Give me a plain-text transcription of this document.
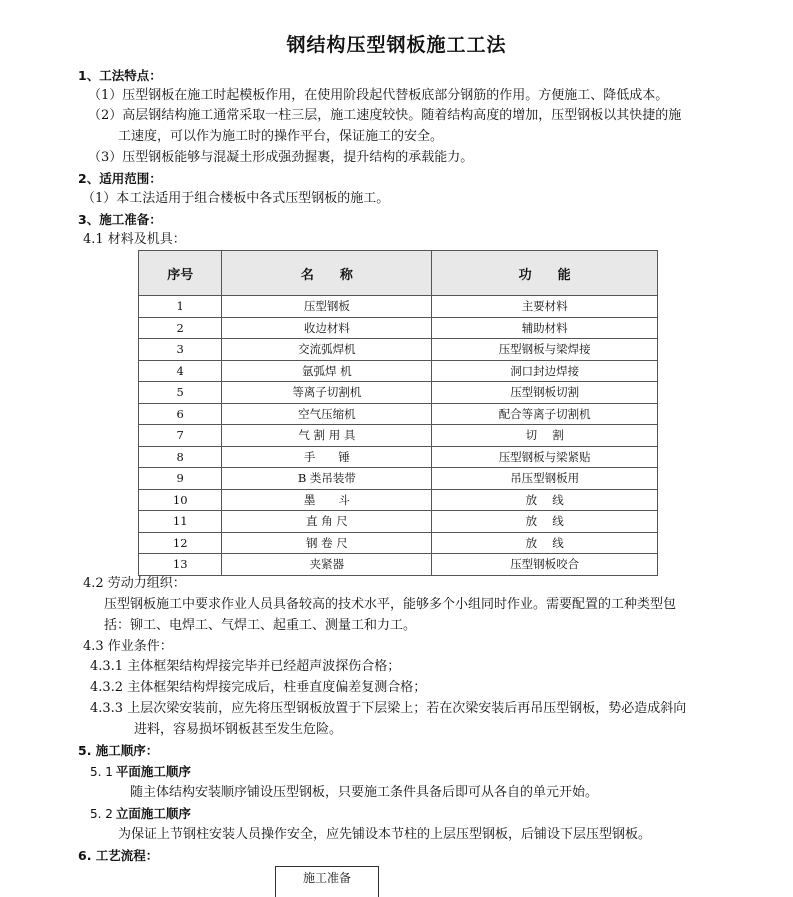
钢结构压型钢板施工工法
1、工法特点：
（1）压型钢板在施工时起模板作用，在使用阶段起代替板底部分钢筋的作用。方便施工、降低成本。
（2）高层钢结构施工通常采取一柱三层，施工速度较快。随着结构高度的增加，压型钢板以其快捷的施
工速度，可以作为施工时的操作平台，保证施工的安全。
（3）压型钢板能够与混凝土形成强劲握裹，提升结构的承载能力。
2、适用范围：
（1）本工法适用于组合楼板中各式压型钢板的施工。
3、施工准备：
4.1 材料及机具：
序号	名　　称	功　　能
1	压型钢板	主要材料
2	收边材料	辅助材料
3	交流弧焊机	压型钢板与梁焊接
4	氩弧焊 机	洞口封边焊接
5	等离子切割机	压型钢板切割
6	空气压缩机	配合等离子切割机
7	气 割 用 具	切　 割
8	手　　锤	压型钢板与梁紧贴
9	B 类吊装带	吊压型钢板用
10	墨　　斗	放　 线
11	直 角 尺	放　 线
12	钢 卷 尺	放　 线
13	夹紧器	压型钢板咬合
4.2 劳动力组织：
压型钢板施工中要求作业人员具备较高的技术水平，能够多个小组同时作业。需要配置的工种类型包
括：铆工、电焊工、气焊工、起重工、测量工和力工。
4.3 作业条件：
4.3.1 主体框架结构焊接完毕并已经超声波探伤合格；
4.3.2 主体框架结构焊接完成后，柱垂直度偏差复测合格；
4.3.3 上层次梁安装前，应先将压型钢板放置于下层梁上；若在次梁安装后再吊压型钢板，势必造成斜向
进料，容易损坏钢板甚至发生危险。
5. 施工顺序：
5. 1 平面施工顺序
随主体结构安装顺序铺设压型钢板，只要施工条件具备后即可从各自的单元开始。
5. 2 立面施工顺序
为保证上节钢柱安装人员操作安全，应先铺设本节柱的上层压型钢板，后铺设下层压型钢板。
6. 工艺流程：
施工准备
